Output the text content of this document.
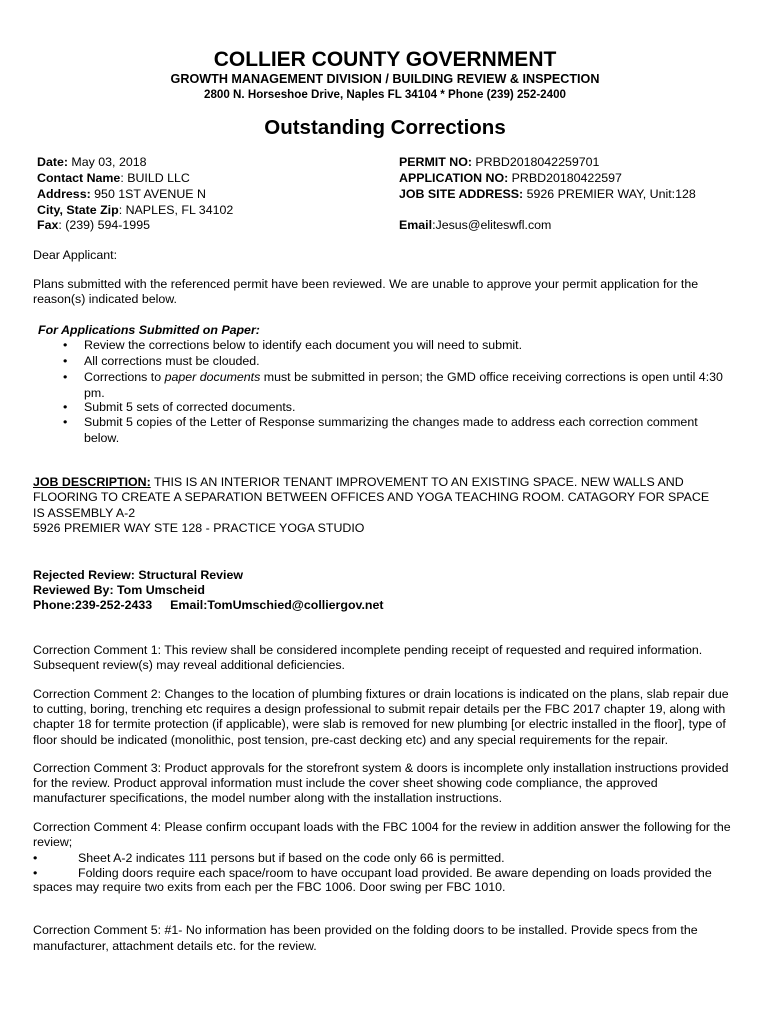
COLLIER COUNTY GOVERNMENT
GROWTH MANAGEMENT DIVISION / BUILDING REVIEW & INSPECTION
2800 N. Horseshoe Drive, Naples FL 34104 * Phone (239) 252-2400
Outstanding Corrections
Date: May 03, 2018
Contact Name: BUILD LLC
Address: 950 1ST AVENUE N
City, State Zip: NAPLES, FL 34102
Fax: (239) 594-1995
PERMIT NO: PRBD2018042259701
APPLICATION NO: PRBD20180422597
JOB SITE ADDRESS: 5926 PREMIER WAY, Unit:128
Email:Jesus@eliteswfl.com
Dear Applicant:
Plans submitted with the referenced permit have been reviewed. We are unable to approve your permit application for the
reason(s) indicated below.
For Applications Submitted on Paper:
• Review the corrections below to identify each document you will need to submit.
• All corrections must be clouded.
• Corrections to paper documents must be submitted in person; the GMD office receiving corrections is open until 4:30
pm.
• Submit 5 sets of corrected documents.
• Submit 5 copies of the Letter of Response summarizing the changes made to address each correction comment
below.
JOB DESCRIPTION: THIS IS AN INTERIOR TENANT IMPROVEMENT TO AN EXISTING SPACE. NEW WALLS AND
FLOORING TO CREATE A SEPARATION BETWEEN OFFICES AND YOGA TEACHING ROOM. CATAGORY FOR SPACE
IS ASSEMBLY A-2
5926 PREMIER WAY STE 128 - PRACTICE YOGA STUDIO
Rejected Review: Structural Review
Reviewed By: Tom Umscheid
Phone:239-252-2433 Email:TomUmschied@colliergov.net
Correction Comment 1: This review shall be considered incomplete pending receipt of requested and required information.
Subsequent review(s) may reveal additional deficiencies.
Correction Comment 2: Changes to the location of plumbing fixtures or drain locations is indicated on the plans, slab repair due
to cutting, boring, trenching etc requires a design professional to submit repair details per the FBC 2017 chapter 19, along with
chapter 18 for termite protection (if applicable), were slab is removed for new plumbing [or electric installed in the floor], type of
floor should be indicated (monolithic, post tension, pre-cast decking etc) and any special requirements for the repair.
Correction Comment 3: Product approvals for the storefront system & doors is incomplete only installation instructions provided
for the review. Product approval information must include the cover sheet showing code compliance, the approved
manufacturer specifications, the model number along with the installation instructions.
Correction Comment 4: Please confirm occupant loads with the FBC 1004 for the review in addition answer the following for the
review;
•	Sheet A-2 indicates 111 persons but if based on the code only 66 is permitted.
•	Folding doors require each space/room to have occupant load provided. Be aware depending on loads provided the
spaces may require two exits from each per the FBC 1006. Door swing per FBC 1010.
Correction Comment 5: #1- No information has been provided on the folding doors to be installed. Provide specs from the
manufacturer, attachment details etc. for the review.
